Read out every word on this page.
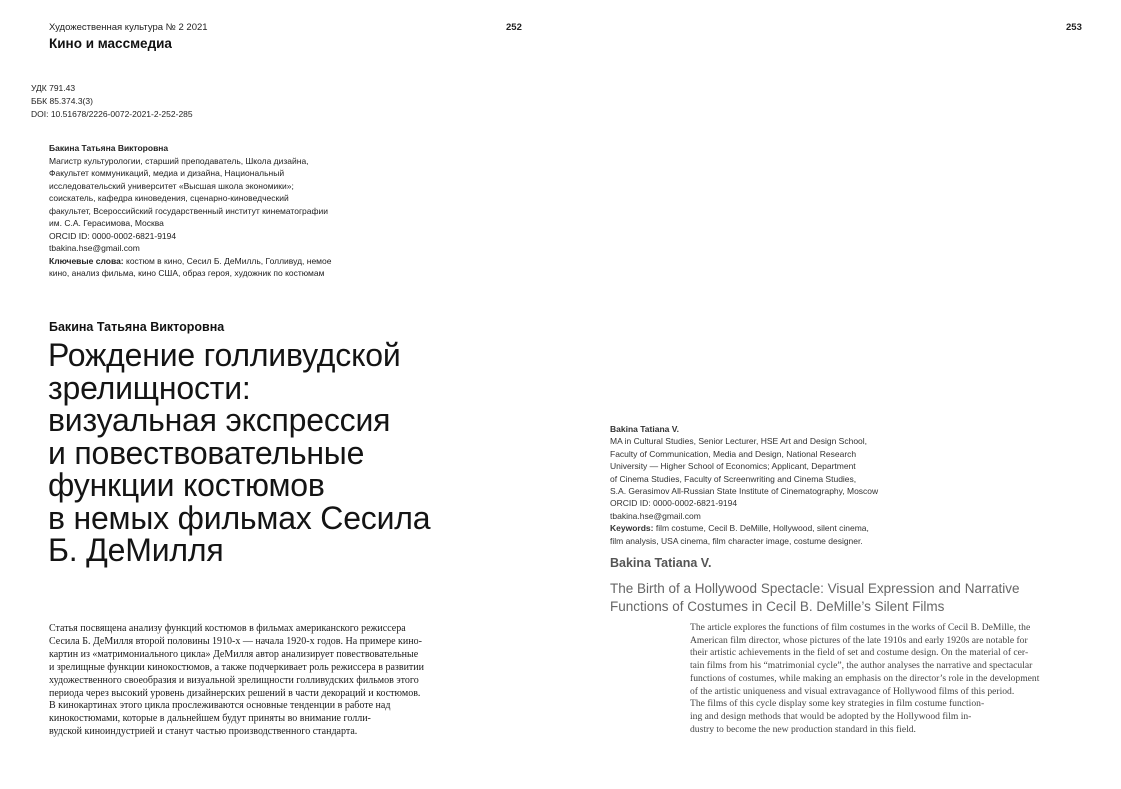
Художественная культура № 2 2021
Кино и массмедиа
252	253
УДК 791.43
ББК 85.374.3(3)
DOI: 10.51678/2226-0072-2021-2-252-285
Бакина Татьяна Викторовна
Магистр культурологии, старший преподаватель, Школа дизайна,
Факультет коммуникаций, медиа и дизайна, Национальный
исследовательский университет «Высшая школа экономики»;
соискатель, кафедра киноведения, сценарно-киноведческий
факультет, Всероссийский государственный институт кинематографии
им. С.А. Герасимова, Москва
ORCID ID: 0000-0002-6821-9194
tbakina.hse@gmail.com
Ключевые слова: костюм в кино, Сесил Б. ДеМилль, Голливуд, немое
кино, анализ фильма, кино США, образ героя, художник по костюмам
Бакина Татьяна Викторовна
Рождение голливудской
зрелищности:
визуальная экспрессия
и повествовательные
функции костюмов
в немых фильмах Сесила
Б. ДеМилля
Статья посвящена анализу функций костюмов в фильмах американского режиссера
Сесила Б. ДеМилля второй половины 1910-х — начала 1920-х годов. На примере кино-
картин из «матримониального цикла» ДеМилля автор анализирует повествовательные
и зрелищные функции кинокостюмов, а также подчеркивает роль режиссера в развитии
художественного своеобразия и визуальной зрелищности голливудских фильмов этого
периода через высокий уровень дизайнерских решений в части декораций и костюмов.
В кинокартинах этого цикла прослеживаются основные тенденции в работе над
кинокостюмами, которые в дальнейшем будут приняты во внимание голли-
вудской киноиндустрией и станут частью производственного стандарта.
Bakina Tatiana V.
MA in Cultural Studies, Senior Lecturer, HSE Art and Design School,
Faculty of Communication, Media and Design, National Research
University — Higher School of Economics; Applicant, Department
of Cinema Studies, Faculty of Screenwriting and Cinema Studies,
S.A. Gerasimov All-Russian State Institute of Cinematography, Moscow
ORCID ID: 0000-0002-6821-9194
tbakina.hse@gmail.com
Keywords: film costume, Cecil B. DeMille, Hollywood, silent cinema,
film analysis, USA cinema, film character image, costume designer.
Bakina Tatiana V.
The Birth of a Hollywood Spectacle: Visual Expression and Narrative
Functions of Costumes in Cecil B. DeMille’s Silent Films
The article explores the functions of film costumes in the works of Cecil B. DeMille, the
American film director, whose pictures of the late 1910s and early 1920s are notable for
their artistic achievements in the field of set and costume design. On the material of cer-
tain films from his “matrimonial cycle”, the author analyses the narrative and spectacular
functions of costumes, while making an emphasis on the director’s role in the development
of the artistic uniqueness and visual extravagance of Hollywood films of this period.
The films of this cycle display some key strategies in film costume function-
ing and design methods that would be adopted by the Hollywood film in-
dustry to become the new production standard in this field.
